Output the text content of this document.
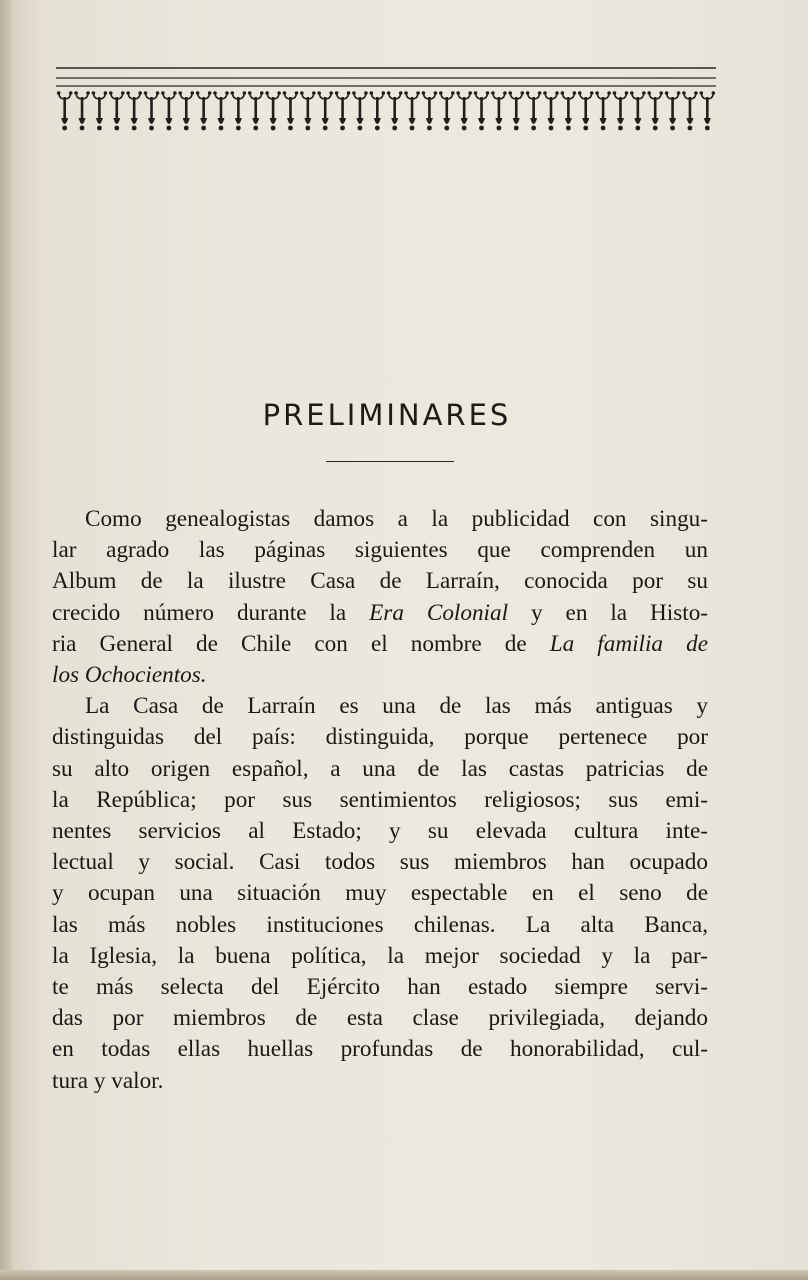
PRELIMINARES
Como genealogistas damos a la publicidad con singu-
lar agrado las páginas siguientes que comprenden un
Album de la ilustre Casa de Larraín, conocida por su
crecido número durante la Era Colonial y en la Histo-
ria General de Chile con el nombre de La familia de
los Ochocientos.
La Casa de Larraín es una de las más antiguas y
distinguidas del país: distinguida, porque pertenece por
su alto origen español, a una de las castas patricias de
la República; por sus sentimientos religiosos; sus emi-
nentes servicios al Estado; y su elevada cultura inte-
lectual y social. Casi todos sus miembros han ocupado
y ocupan una situación muy espectable en el seno de
las más nobles instituciones chilenas. La alta Banca,
la Iglesia, la buena política, la mejor sociedad y la par-
te más selecta del Ejército han estado siempre servi-
das por miembros de esta clase privilegiada, dejando
en todas ellas huellas profundas de honorabilidad, cul-
tura y valor.
